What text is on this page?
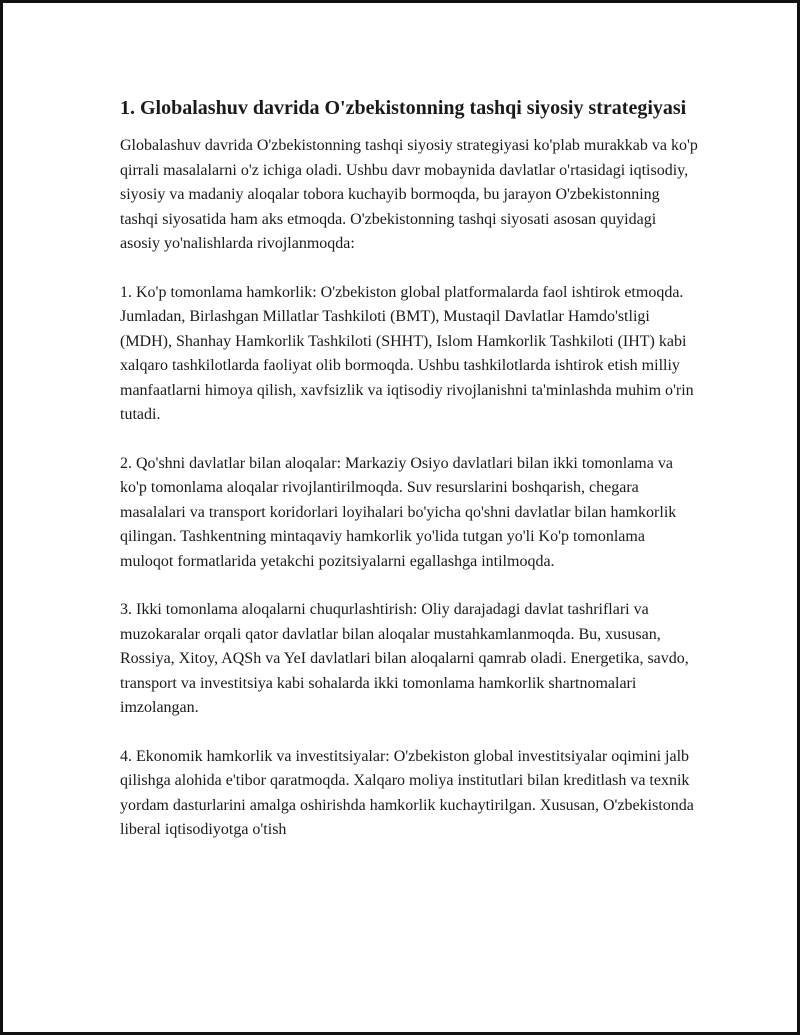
1. Globalashuv davrida O'zbekistonning tashqi siyosiy strategiyasi

Globalashuv davrida O'zbekistonning tashqi siyosiy strategiyasi ko'plab murakkab va ko'p qirrali masalalarni o'z ichiga oladi. Ushbu davr mobaynida davlatlar o'rtasidagi iqtisodiy, siyosiy va madaniy aloqalar tobora kuchayib bormoqda, bu jarayon O'zbekistonning tashqi siyosatida ham aks etmoqda. O'zbekistonning tashqi siyosati asosan quyidagi asosiy yo'nalishlarda rivojlanmoqda:

1. Ko'p tomonlama hamkorlik: O'zbekiston global platformalarda faol ishtirok etmoqda. Jumladan, Birlashgan Millatlar Tashkiloti (BMT), Mustaqil Davlatlar Hamdo'stligi (MDH), Shanhay Hamkorlik Tashkiloti (SHHT), Islom Hamkorlik Tashkiloti (IHT) kabi xalqaro tashkilotlarda faoliyat olib bormoqda. Ushbu tashkilotlarda ishtirok etish milliy manfaatlarni himoya qilish, xavfsizlik va iqtisodiy rivojlanishni ta'minlashda muhim o'rin tutadi.

2. Qo'shni davlatlar bilan aloqalar: Markaziy Osiyo davlatlari bilan ikki tomonlama va ko'p tomonlama aloqalar rivojlantirilmoqda. Suv resurslarini boshqarish, chegara masalalari va transport koridorlari loyihalari bo'yicha qo'shni davlatlar bilan hamkorlik qilingan. Tashkentning mintaqaviy hamkorlik yo'lida tutgan yo'li Ko'p tomonlama muloqot formatlarida yetakchi pozitsiyalarni egallashga intilmoqda.

3. Ikki tomonlama aloqalarni chuqurlashtirish: Oliy darajadagi davlat tashriflari va muzokaralar orqali qator davlatlar bilan aloqalar mustahkamlanmoqda. Bu, xususan, Rossiya, Xitoy, AQSh va YeI davlatlari bilan aloqalarni qamrab oladi. Energetika, savdo, transport va investitsiya kabi sohalarda ikki tomonlama hamkorlik shartnomalari imzolangan.

4. Ekonomik hamkorlik va investitsiyalar: O'zbekiston global investitsiyalar oqimini jalb qilishga alohida e'tibor qaratmoqda. Xalqaro moliya institutlari bilan kreditlash va texnik yordam dasturlarini amalga oshirishda hamkorlik kuchaytirilgan. Xususan, O'zbekistonda liberal iqtisodiyotga o'tish
